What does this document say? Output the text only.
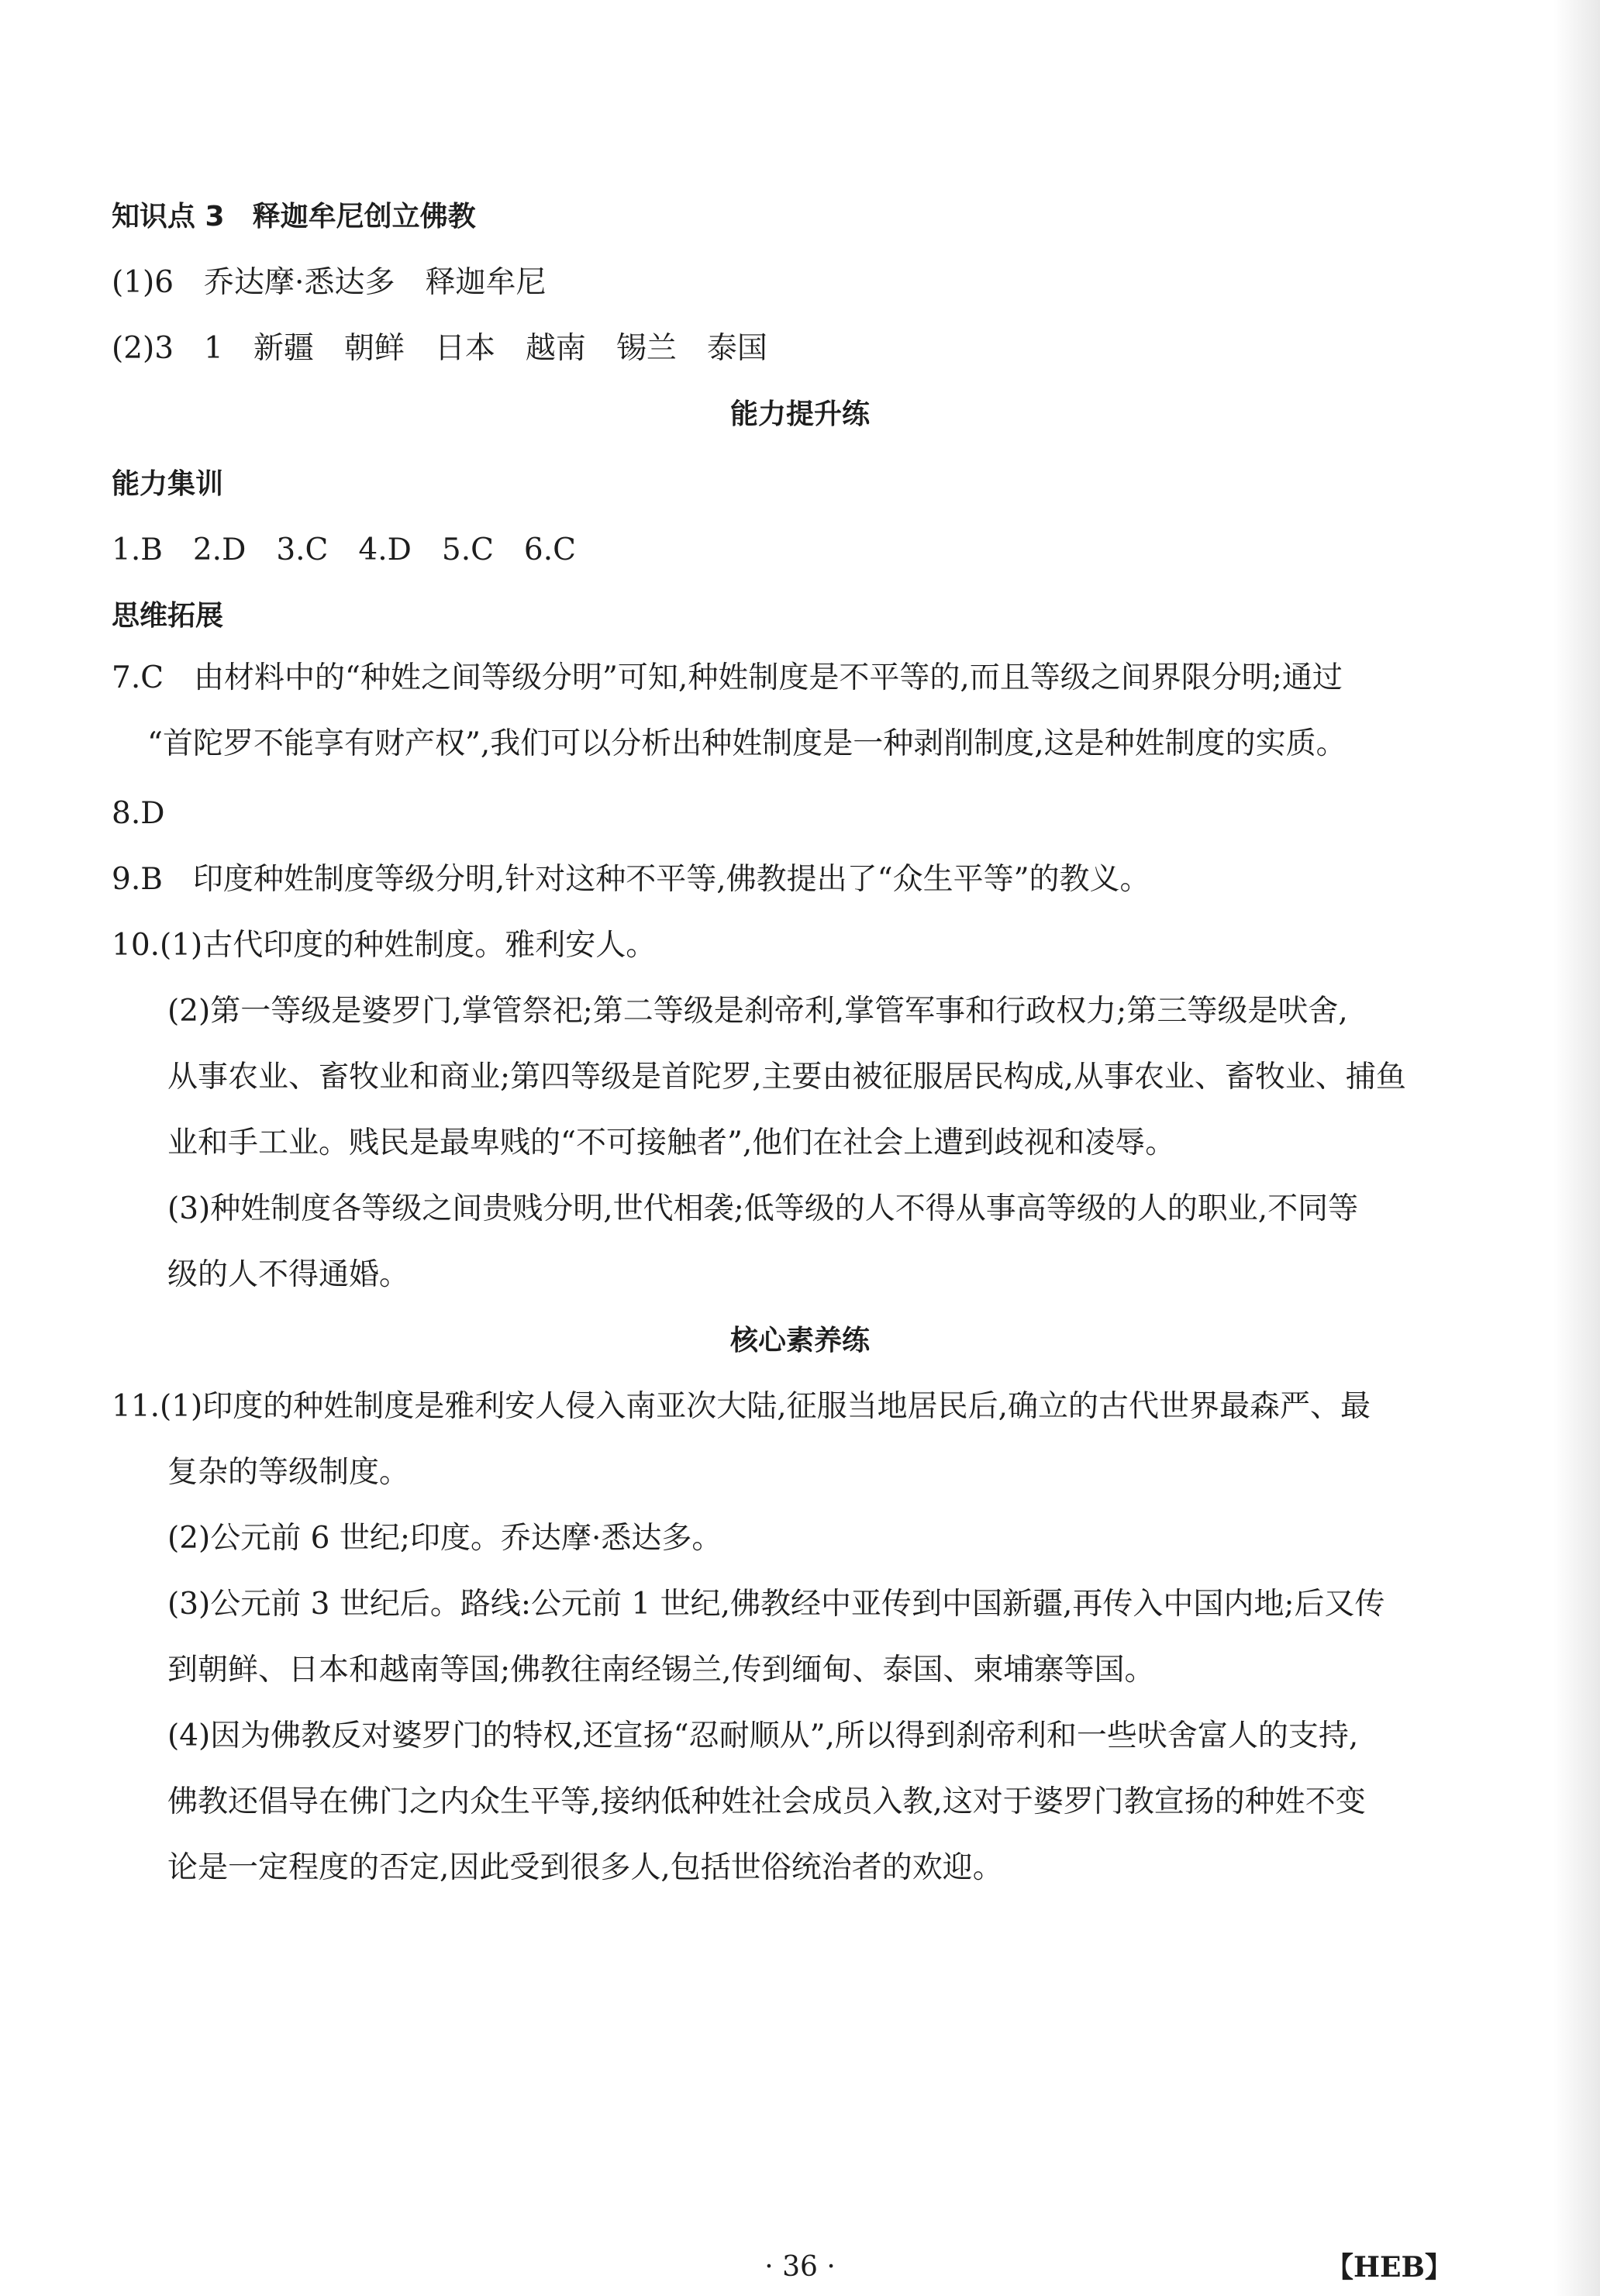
知识点 3　释迦牟尼创立佛教
(1)6　乔达摩·悉达多　释迦牟尼
(2)3　1　新疆　朝鲜　日本　越南　锡兰　泰国
能力提升练
能力集训
1.B　2.D　3.C　4.D　5.C　6.C
思维拓展
7.C　由材料中的“种姓之间等级分明”可知,种姓制度是不平等的,而且等级之间界限分明;通过
“首陀罗不能享有财产权”,我们可以分析出种姓制度是一种剥削制度,这是种姓制度的实质。
8.D
9.B　印度种姓制度等级分明,针对这种不平等,佛教提出了“众生平等”的教义。
10.(1)古代印度的种姓制度。雅利安人。
(2)第一等级是婆罗门,掌管祭祀;第二等级是刹帝利,掌管军事和行政权力;第三等级是吠舍,
从事农业、畜牧业和商业;第四等级是首陀罗,主要由被征服居民构成,从事农业、畜牧业、捕鱼
业和手工业。贱民是最卑贱的“不可接触者”,他们在社会上遭到歧视和凌辱。
(3)种姓制度各等级之间贵贱分明,世代相袭;低等级的人不得从事高等级的人的职业,不同等
级的人不得通婚。
核心素养练
11.(1)印度的种姓制度是雅利安人侵入南亚次大陆,征服当地居民后,确立的古代世界最森严、最
复杂的等级制度。
(2)公元前 6 世纪;印度。乔达摩·悉达多。
(3)公元前 3 世纪后。路线:公元前 1 世纪,佛教经中亚传到中国新疆,再传入中国内地;后又传
到朝鲜、日本和越南等国;佛教往南经锡兰,传到缅甸、泰国、柬埔寨等国。
(4)因为佛教反对婆罗门的特权,还宣扬“忍耐顺从”,所以得到刹帝利和一些吠舍富人的支持,
佛教还倡导在佛门之内众生平等,接纳低种姓社会成员入教,这对于婆罗门教宣扬的种姓不变
论是一定程度的否定,因此受到很多人,包括世俗统治者的欢迎。
· 36 ·	【HEB】
